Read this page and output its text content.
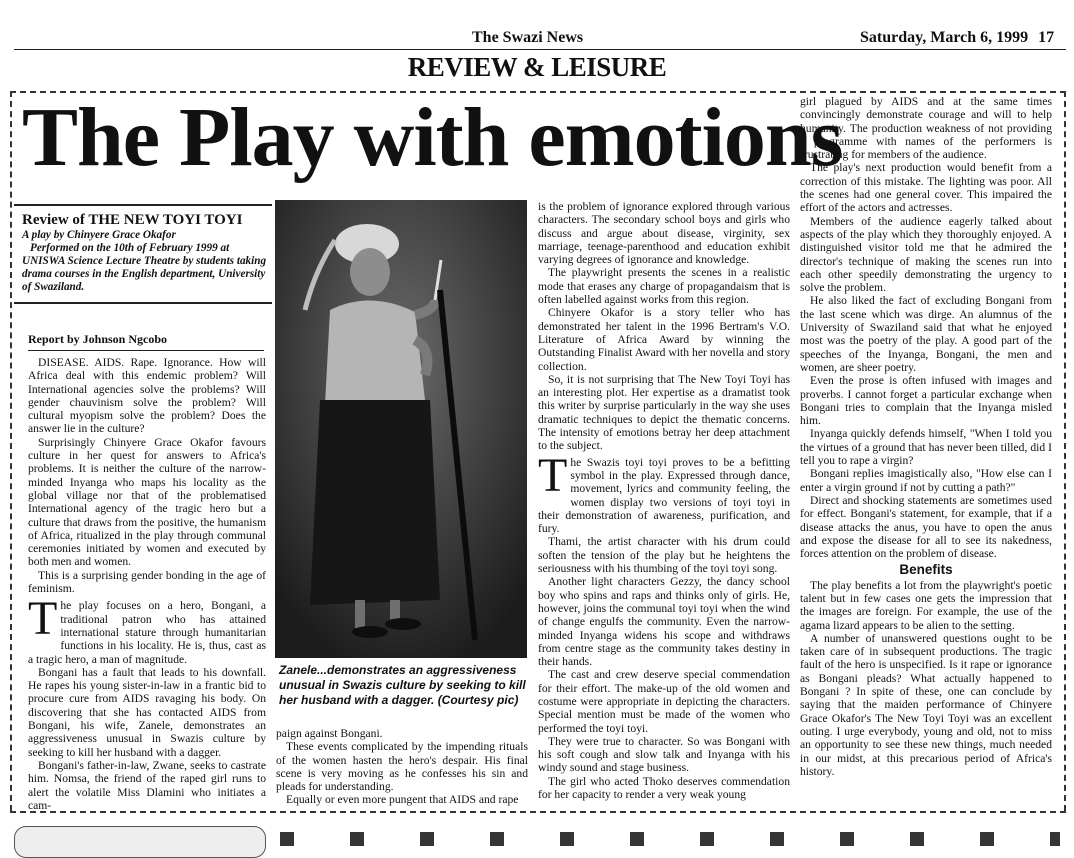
The Swazi News	Saturday, March 6, 1999 17
REVIEW & LEISURE
The Play with emotions
Review of THE NEW TOYI TOYI
A play by Chinyere Grace Okafor
Performed on the 10th of February 1999 at UNISWA Science Lecture Theatre by students taking drama courses in the English department, University of Swaziland.
Report by Johnson Ngcobo

DISEASE. AIDS. Rape. Ignorance. How will Africa deal with this endemic problem? Will International agencies solve the problems? Will gender chauvinism solve the problem? Will cultural myopism solve the problem? Does the answer lie in the culture?

Surprisingly Chinyere Grace Okafor favours culture in her quest for answers to Africa's problems. It is neither the culture of the narrow-minded Inyanga who maps his locality as the global village nor that of the problematised International agency of the tragic hero but a culture that draws from the positive, the humanism of Africa, ritualized in the play through communal ceremonies initiated by women and executed by both men and women.

This is a surprising gender bonding in the age of feminism.

The play focuses on a hero, Bongani, a traditional patron who has attained international stature through humanitarian functions in his locality. He is, thus, cast as a tragic hero, a man of magnitude.

Bongani has a fault that leads to his downfall. He rapes his young sister-in-law in a frantic bid to procure cure from AIDS ravaging his body. On discovering that she has contacted AIDS from Bongani, his wife, Zanele, demonstrates an aggressiveness unusual in Swazis culture by seeking to kill her husband with a dagger.

Bongani's father-in-law, Zwane, seeks to castrate him. Nomsa, the friend of the raped girl runs to alert the volatile Miss Dlamini who initiates a cam-

Zanele...demonstrates an aggressiveness unusual in Swazis culture by seeking to kill her husband with a dagger. (Courtesy pic)

paign against Bongani.

These events complicated by the impending rituals of the women hasten the hero's despair. His final scene is very moving as he confesses his sin and pleads for understanding.

Equally or even more pungent that AIDS and rape

is the problem of ignorance explored through various characters. The secondary school boys and girls who discuss and argue about disease, virginity, sex marriage, teenage-parenthood and education exhibit varying degrees of ignorance and knowledge.

The playwright presents the scenes in a realistic mode that erases any charge of propagandaism that is often labelled against works from this region.

Chinyere Okafor is a story teller who has demonstrated her talent in the 1996 Bertram's V.O. Literature of Africa Award by winning the Outstanding Finalist Award with her novella and story collection.

So, it is not surprising that The New Toyi Toyi has an interesting plot. Her expertise as a dramatist took this writer by surprise particularly in the way she uses dramatic techniques to depict the thematic concerns. The intensity of emotions betray her deep attachment to the subject.

The Swazis toyi toyi proves to be a befitting symbol in the play. Expressed through dance, movement, lyrics and community feeling, the women display two versions of toyi toyi in their demonstration of awareness, purification, and fury.

Thami, the artist character with his drum could soften the tension of the play but he heightens the seriousness with his thumbing of the toyi toyi song.

Another light characters Gezzy, the dancy school boy who spins and raps and thinks only of girls. He, however, joins the communal toyi toyi when the wind of change engulfs the community. Even the narrow-minded Inyanga widens his scope and withdraws from centre stage as the community takes destiny in their hands.

The cast and crew deserve special commendation for their effort. The make-up of the old women and costume were appropriate in depicting the characters. Special mention must be made of the women who performed the toyi toyi.

They were true to character. So was Bongani with his soft cough and slow talk and Inyanga with his windy sound and stage business.

The girl who acted Thoko deserves commendation for her capacity to render a very weak young

girl plagued by AIDS and at the same times convincingly demonstrate courage and will to help humanity. The production weakness of not providing a programme with names of the performers is frustrating for members of the audience.

The play's next production would benefit from a correction of this mistake. The lighting was poor. All the scenes had one general cover. This impaired the effort of the actors and actresses.

Members of the audience eagerly talked about aspects of the play which they thoroughly enjoyed. A distinguished visitor told me that he admired the director's technique of making the scenes run into each other speedily demonstrating the urgency to solve the problem.

He also liked the fact of excluding Bongani from the last scene which was dirge. An alumnus of the University of Swaziland said that what he enjoyed most was the poetry of the play. A good part of the speeches of the Inyanga, Bongani, the men and women, are sheer poetry.

Even the prose is often infused with images and proverbs. I cannot forget a particular exchange when Bongani tries to complain that the Inyanga misled him.

Inyanga quickly defends himself, "When I told you the virtues of a ground that has never been tilled, did I tell you to rape a virgin?

Bongani replies imagistically also, "How else can I enter a virgin ground if not by cutting a path?"

Direct and shocking statements are sometimes used for effect. Bongani's statement, for example, that if a disease attacks the anus, you have to open the anus and expose the disease for all to see its nakedness, forces attention on the problem of disease.

Benefits

The play benefits a lot from the playwright's poetic talent but in few cases one gets the impression that the images are foreign. For example, the use of the agama lizard appears to be alien to the setting.

A number of unanswered questions ought to be taken care of in subsequent productions. The tragic fault of the hero is unspecified. Is it rape or ignorance as Bongani pleads? What actually happened to Bongani ? In spite of these, one can conclude by saying that the maiden performance of Chinyere Grace Okafor's The New Toyi Toyi was an excellent outing. I urge everybody, young and old, not to miss an opportunity to see these new things, much needed in our midst, at this precarious period of Africa's history.
